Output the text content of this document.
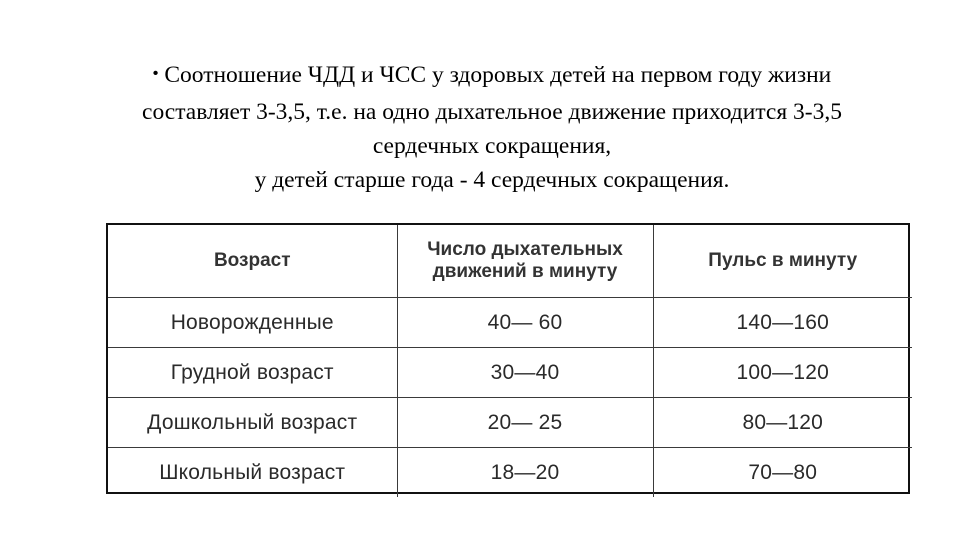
• Соотношение ЧДД и ЧСС у здоровых детей на первом году жизни
составляет 3-3,5, т.е. на одно дыхательное движение приходится 3-3,5
сердечных сокращения,
у детей старше года - 4 сердечных сокращения.
Возраст	Число дыхательных движений в минуту	Пульс в минуту
Новорожденные	40— 60	140—160
Грудной возраст	30—40	100—120
Дошкольный возраст	20— 25	80—120
Школьный возраст	18—20	70—80
